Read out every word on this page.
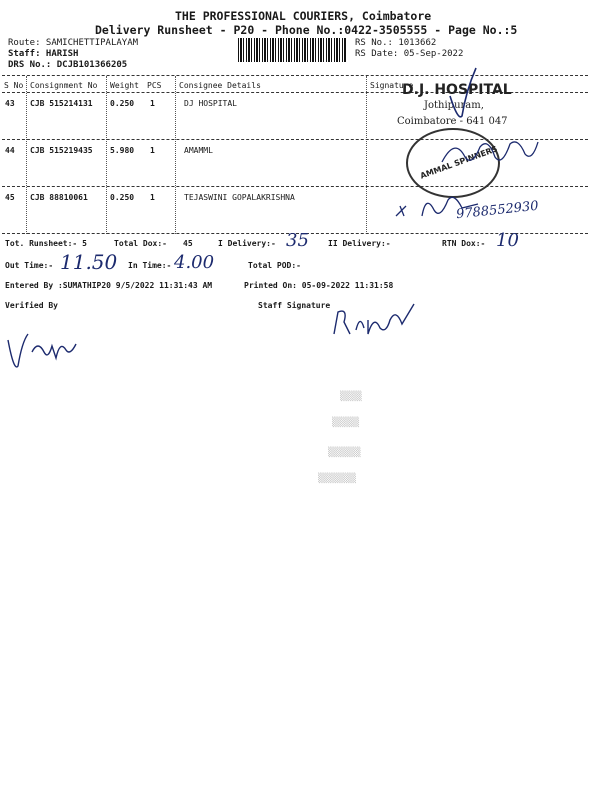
THE PROFESSIONAL COURIERS, Coimbatore
Delivery Runsheet - P20 - Phone No.:0422-3505555 - Page No.:5
Route: SAMICHETTIPALAYAM
Staff: HARISH
DRS No.: DCJB101366205
RS No.: 1013662
RS Date: 05-Sep-2022
S No Consignment No Weight PCS Consignee Details	Signature
43 CJB 515214131 0.250 1	DJ HOSPITAL
44 CJB 515219435 5.980 1	AMAMML
45 CJB 88810061	0.250 1	TEJASWINI GOPALAKRISHNA
D.J. HOSPITAL
Jothipuram,
Coimbatore - 641 047
AMMAL SPINNERS
9788552930
Tot. Runsheet:- 5	Total Dox:- 45	I Delivery:- 35 II Delivery:-	RTN Dox:- 10
Out Time:- 11.50 In Time:- 4.00	Total POD:-
Entered By :SUMATHIP20 9/5/2022 11:31:43 AM	Printed On: 05-09-2022 11:31:58
Verified By	Staff Signature
▒▒▒▒
▒▒▒▒▒
▒▒▒▒▒▒
▒▒▒▒▒▒▒
